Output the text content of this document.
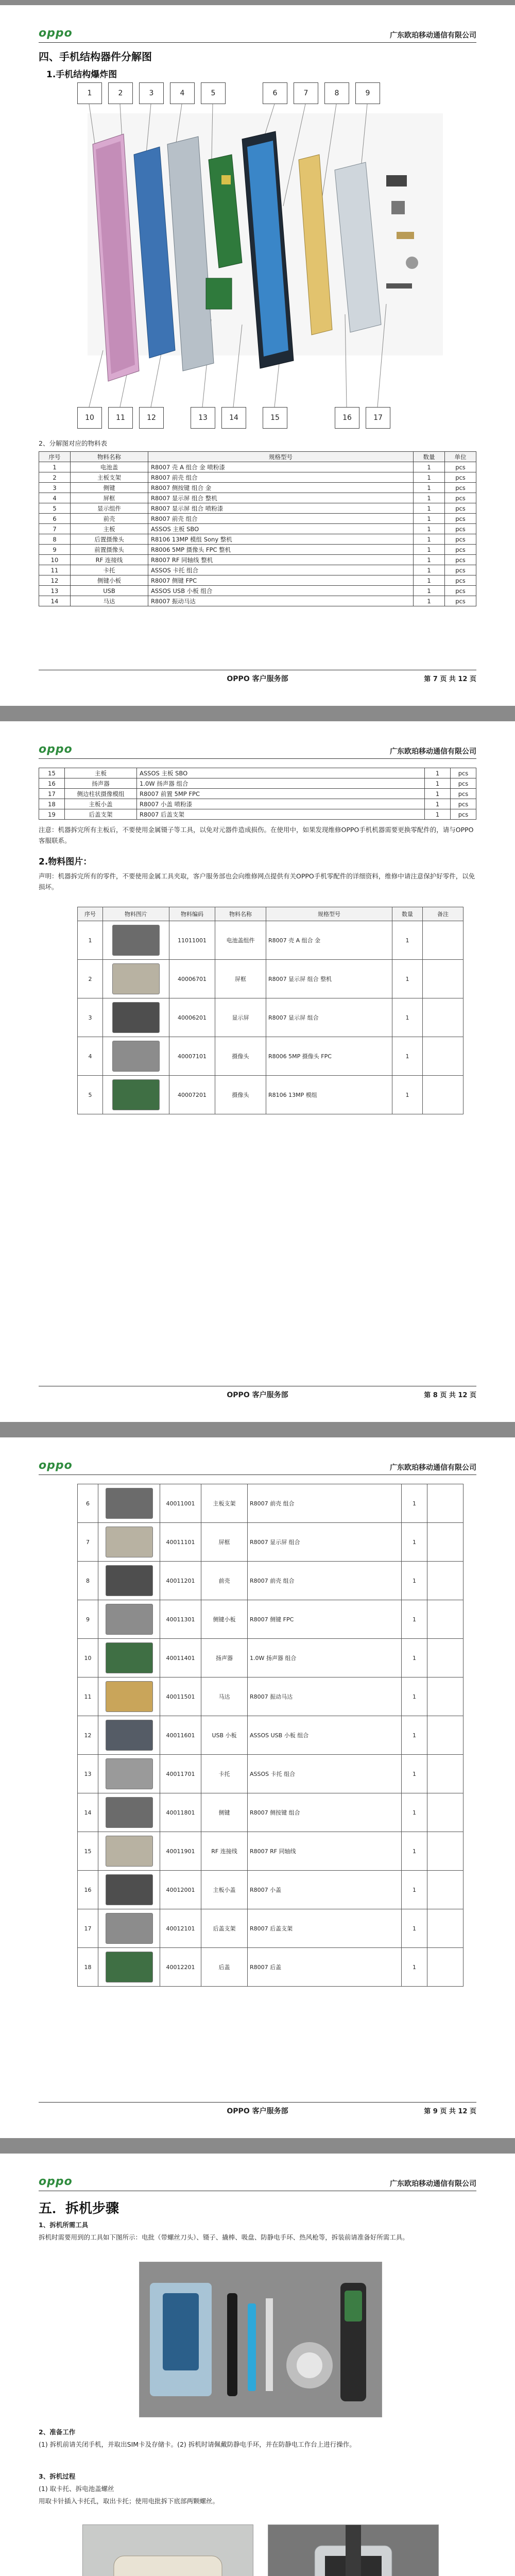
oppo	广东欧珀移动通信有限公司
四、手机结构器件分解图
1.手机结构爆炸图
1	2	3	4	5	6	7	8	9
10	11	12	13	14	15	16	17
2、分解图对应的物料表
序号	物料名称	规格型号	数量	单位
1	电池盖	R8007 壳 A 组合 金 喷粉漆	1	pcs
2	主板支架	R8007 前壳 组合	1	pcs
3	侧键	R8007 侧按键 组合 金	1	pcs
4	屏框	R8007 显示屏 组合 整机	1	pcs
5	显示组件	R8007 显示屏 组合 喷粉漆	1	pcs
6	前壳	R8007 前壳 组合	1	pcs
7	主板	ASSOS 主板 SBO	1	pcs
8	后置摄像头	R8106 13MP 模组 Sony 整机	1	pcs
9	前置摄像头	R8006 5MP 摄像头 FPC 整机	1	pcs
10	RF 连接线	R8007 RF 同轴线 整机	1	pcs
11	卡托	ASSOS 卡托 组合	1	pcs
12	侧键小板	R8007 侧键 FPC	1	pcs
13	USB	ASSOS USB 小板 组合	1	pcs
14	马达	R8007 振动马达	1	pcs
OPPO 客户服务部	第 7 页 共 12 页
oppo	广东欧珀移动通信有限公司
15	主板	ASSOS 主板 SBO	1	pcs
16	扬声器	1.0W 扬声器 组合	1	pcs
17	侧边柱状摄像模组	R8007 前置 5MP FPC	1	pcs
18	主板小盖	R8007 小盖 喷粉漆	1	pcs
19	后盖支架	R8007 后盖支架	1	pcs
注意：机器拆完所有主板后，不要使用金属镊子等工具，以免对元器件造成损伤。在使用中，如果发现维修OPPO手机机器需要更换零配件的，请与OPPO客服联系。
2.物料图片：
声明：机器拆完所有的零件，不要使用金属工具夹取，客户服务部也会向维修网点提供有关OPPO手机零配件的详细资料，维修中请注意保护好零件，以免损坏。
序号	物料图片	物料编码	物料名称	规格型号	数量	备注
1		11011001	电池盖组件	R8007 壳 A 组合 金	1	
2		40006701	屏框	R8007 显示屏 组合 整机	1	
3		40006201	显示屏	R8007 显示屏 组合	1	
4		40007101	摄像头	R8006 5MP 摄像头 FPC	1	
5		40007201	摄像头	R8106 13MP 模组	1	
OPPO 客户服务部	第 8 页 共 12 页
oppo	广东欧珀移动通信有限公司
6		40011001	主板支架	R8007 前壳 组合	1	
7		40011101	屏框	R8007 显示屏 组合	1	
8		40011201	前壳	R8007 前壳 组合	1	
9		40011301	侧键小板	R8007 侧键 FPC	1	
10		40011401	扬声器	1.0W 扬声器 组合	1	
11		40011501	马达	R8007 振动马达	1	
12		40011601	USB 小板	ASSOS USB 小板 组合	1	
13		40011701	卡托	ASSOS 卡托 组合	1	
14		40011801	侧键	R8007 侧按键 组合	1	
15		40011901	RF 连接线	R8007 RF 同轴线	1	
16		40012001	主板小盖	R8007 小盖	1	
17		40012101	后盖支架	R8007 后盖支架	1	
18		40012201	后盖	R8007 后盖	1	
OPPO 客户服务部	第 9 页 共 12 页
oppo	广东欧珀移动通信有限公司
五．拆机步骤
1、拆机所需工具
拆机时需要用到的工具如下图所示：电批（带螺丝刀头）、镊子、撬棒、吸盘、防静电手环、热风枪等，拆装前请准备好所需工具。
2、准备工作
(1) 拆机前请关闭手机，并取出SIM卡及存储卡。(2) 拆机时请佩戴防静电手环，并在防静电工作台上进行操作。
3、拆机过程
(1) 取卡托、拆电池盖螺丝
用取卡针插入卡托孔，取出卡托；使用电批拆下底部两颗螺丝。
